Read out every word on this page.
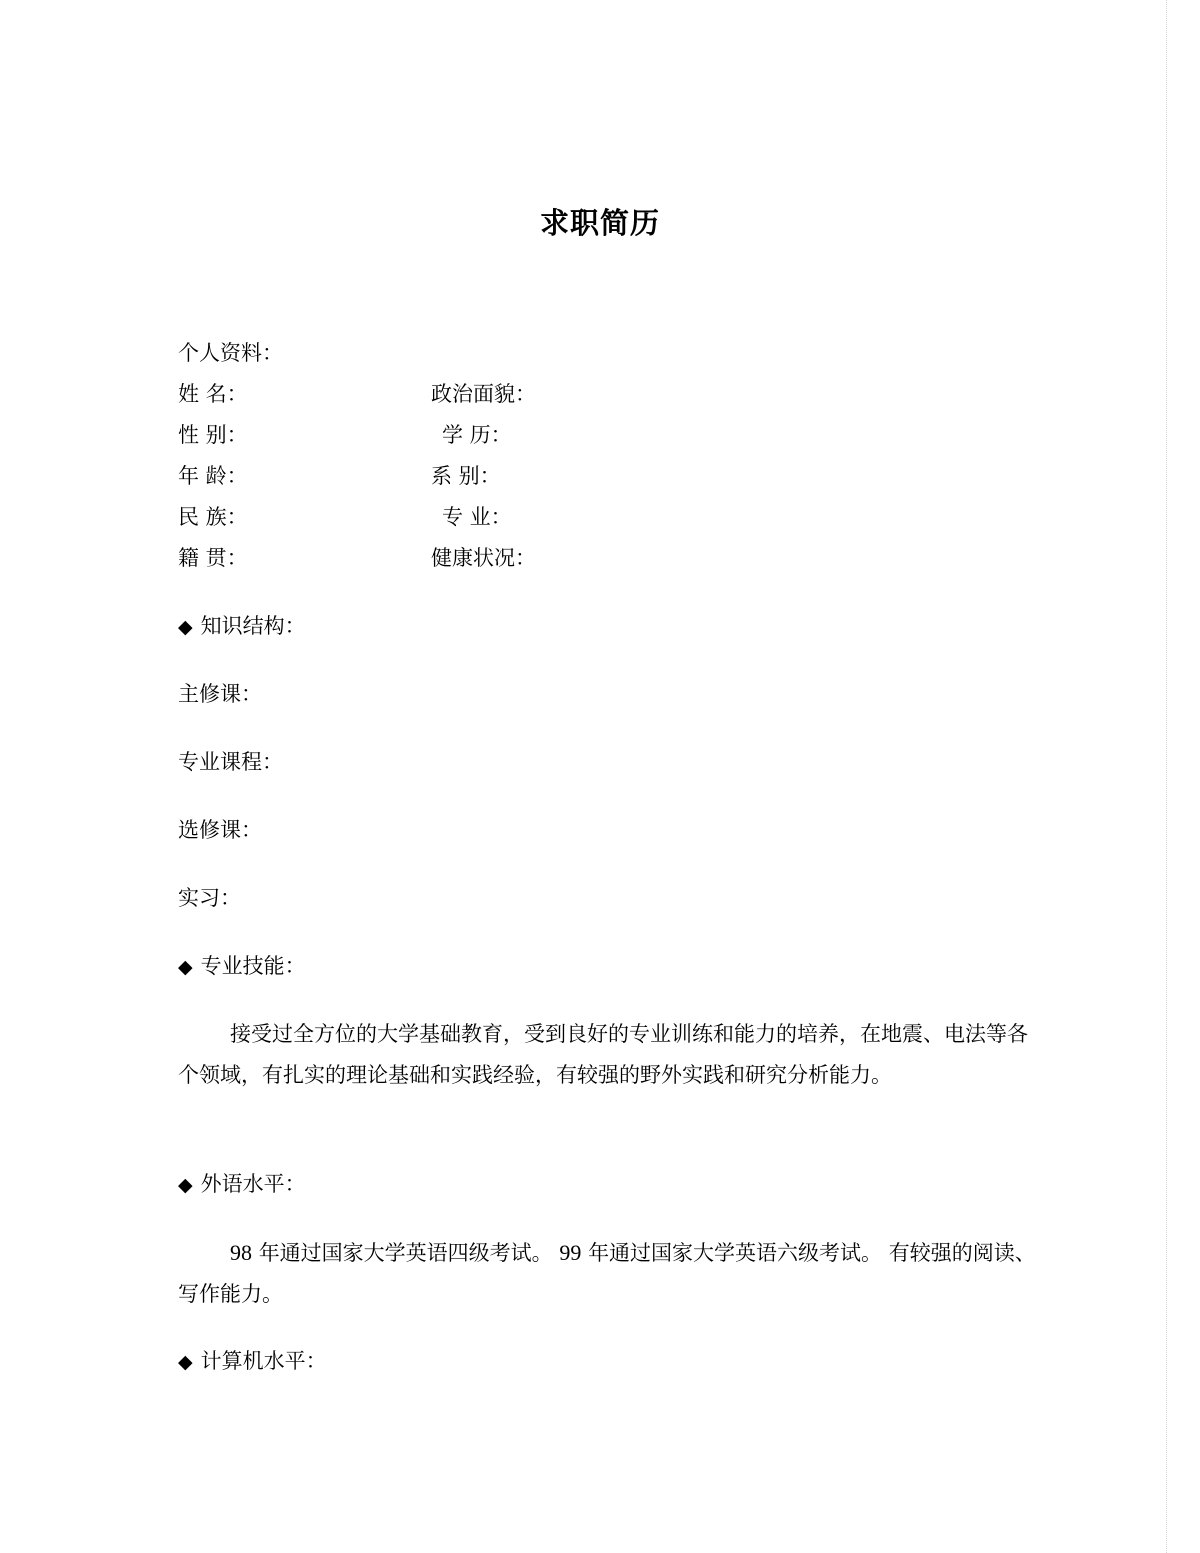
求职简历

个人资料：

姓 名：

性 别：

年 龄：

民 族：

籍 贯：

政治面貌：

学 历：

系 别：

专 业：

健康状况：

◆ 知识结构：

主修课：

专业课程：

选修课：

实习：

◆ 专业技能：

接受过全方位的大学基础教育，受到良好的专业训练和能力的培养，在地震、电法等各个领域，有扎实的理论基础和实践经验，有较强的野外实践和研究分析能力。

◆ 外语水平：

98 年通过国家大学英语四级考试。 99 年通过国家大学英语六级考试。 有较强的阅读、写作能力。

◆ 计算机水平：
